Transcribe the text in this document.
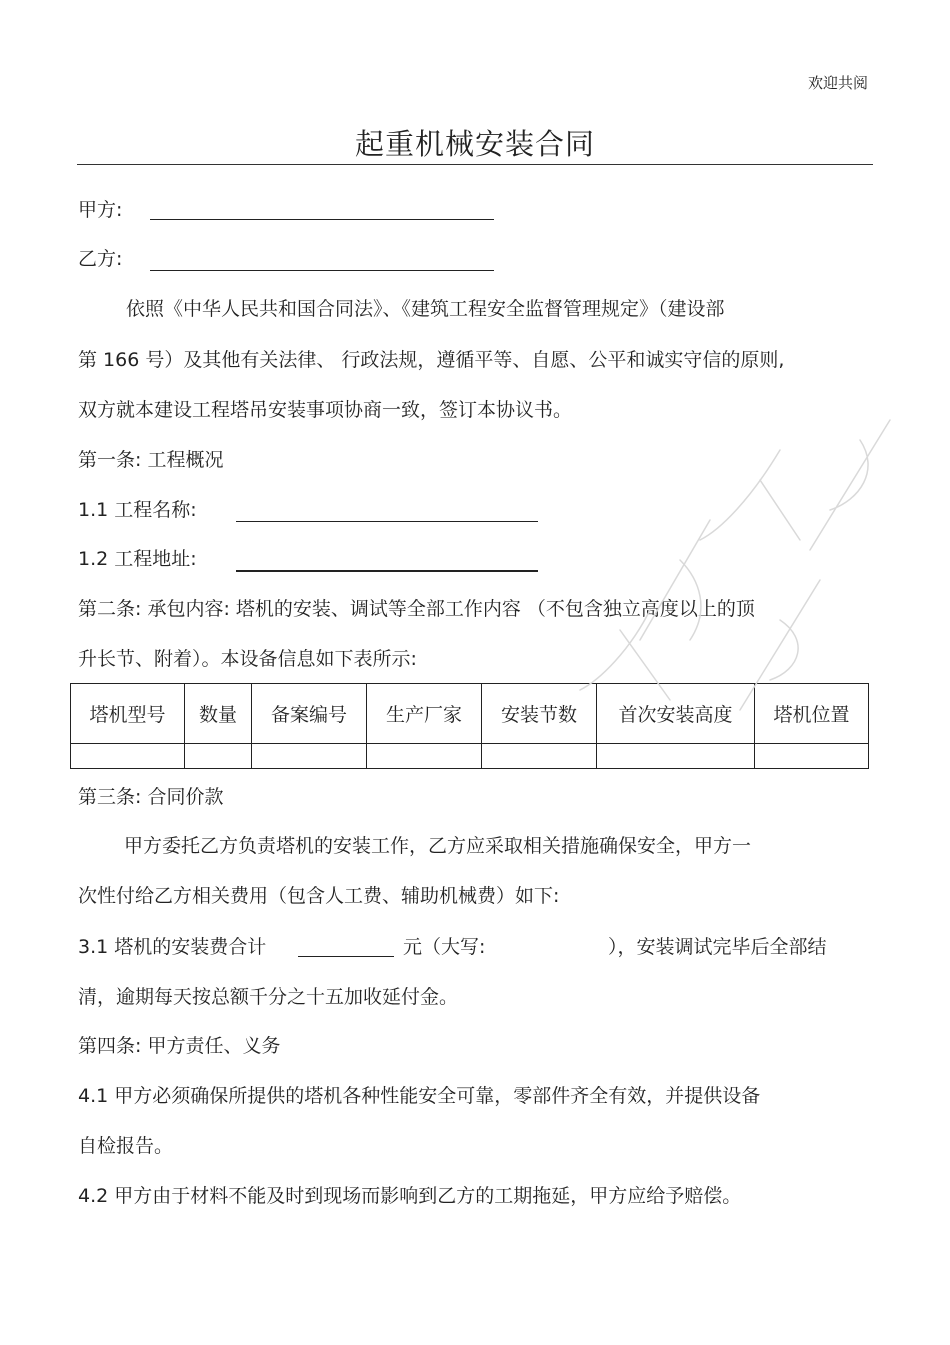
欢迎共阅
起重机械安装合同
甲方:
乙方:
依照《中华人民共和国合同法》、《建筑工程安全监督管理规定》（建设部
第 166 号）及其他有关法律、 行政法规，遵循平等、自愿、公平和诚实守信的原则,
双方就本建设工程塔吊安装事项协商一致，签订本协议书。
第一条: 工程概况
1.1 工程名称:
1.2 工程地址:
第二条: 承包内容: 塔机的安装、调试等全部工作内容 （不包含独立高度以上的顶
升长节、附着）。本设备信息如下表所示:
塔机型号	数量	备案编号	生产厂家	安装节数	首次安装高度	塔机位置

第三条: 合同价款
甲方委托乙方负责塔机的安装工作，乙方应采取相关措施确保安全，甲方一
次性付给乙方相关费用（包含人工费、辅助机械费）如下:
3.1 塔机的安装费合计	元（大写:	），安装调试完毕后全部结
清，逾期每天按总额千分之十五加收延付金。
第四条: 甲方责任、义务
4.1 甲方必须确保所提供的塔机各种性能安全可靠，零部件齐全有效，并提供设备
自检报告。
4.2 甲方由于材料不能及时到现场而影响到乙方的工期拖延，甲方应给予赔偿。
